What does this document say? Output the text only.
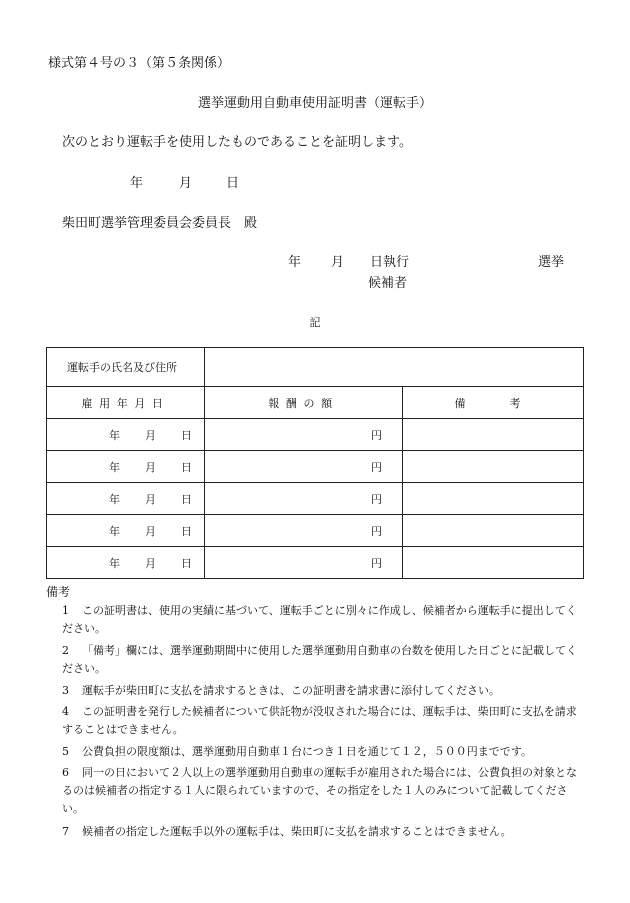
様式第４号の３（第５条関係）
選挙運動用自動車使用証明書（運転手）
次のとおり運転手を使用したものであることを証明します。
年	月	日
柴田町選挙管理委員会委員長　殿
年 月 日執行	選挙
候補者
記
運転手の氏名及び住所		
雇用年月日	報酬の額	備考

年 月 日	円	

年 月 日	円	

年 月 日	円	

年 月 日	円	

年 月 日	円	
備考
1 この証明書は、使用の実績に基づいて、運転手ごとに別々に作成し、候補者から運転手に提出してください。
2 「備考」欄には、選挙運動期間中に使用した選挙運動用自動車の台数を使用した日ごとに記載してください。
3 運転手が柴田町に支払を請求するときは、この証明書を請求書に添付してください。
4 この証明書を発行した候補者について供託物が没収された場合には、運転手は、柴田町に支払を請求することはできません。
5 公費負担の限度額は、選挙運動用自動車１台につき１日を通じて１２，５００円までです。
6 同一の日において２人以上の選挙運動用自動車の運転手が雇用された場合には、公費負担の対象となるのは候補者の指定する１人に限られていますので、その指定をした１人のみについて記載してください。
7 候補者の指定した運転手以外の運転手は、柴田町に支払を請求することはできません。
